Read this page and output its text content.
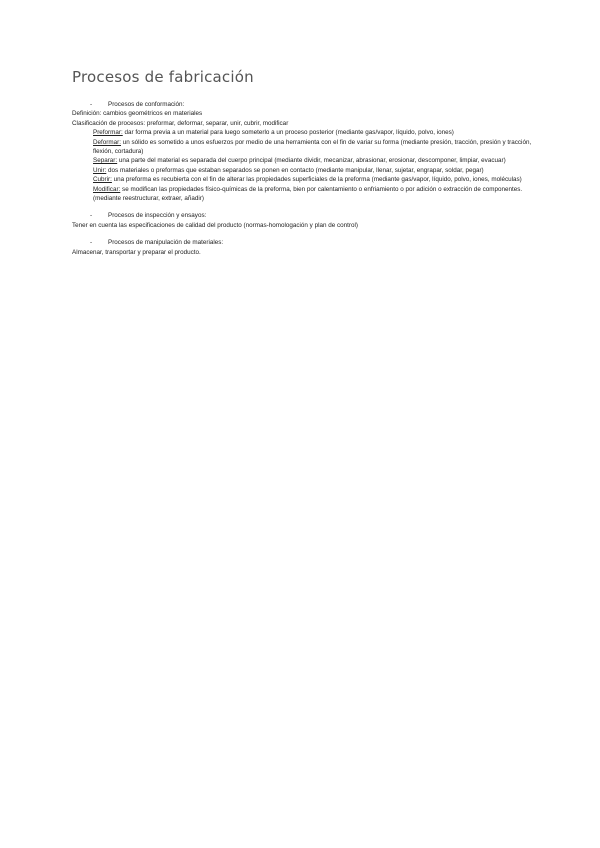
Procesos de fabricación
-	Procesos de conformación:
Definición: cambios geométricos en materiales
Clasificación de procesos: preformar, deformar, separar, unir, cubrir, modificar
Preformar: dar forma previa a un material para luego someterlo a un proceso posterior (mediante gas/vapor, líquido, polvo, iones)
Deformar: un sólido es sometido a unos esfuerzos por medio de una herramienta con el fin de variar su forma (mediante presión, tracción, presión y tracción, flexión, cortadura)
Separar: una parte del material es separada del cuerpo principal (mediante dividir, mecanizar, abrasionar, erosionar, descomponer, limpiar, evacuar)
Unir: dos materiales o preformas que estaban separados se ponen en contacto (mediante manipular, llenar, sujetar, engrapar, soldar, pegar)
Cubrir: una preforma es recubierta con el fin de alterar las propiedades superficiales de la preforma (mediante gas/vapor, líquido, polvo, iones, moléculas)
Modificar: se modifican las propiedades físico-químicas de la preforma, bien por calentamiento o enfriamiento o por adición o extracción de componentes. (mediante reestructurar, extraer, añadir)
-	Procesos de inspección y ensayos:
Tener en cuenta las especificaciones de calidad del producto (normas-homologación y plan de control)
-	Procesos de manipulación de materiales:
Almacenar, transportar y preparar el producto.
